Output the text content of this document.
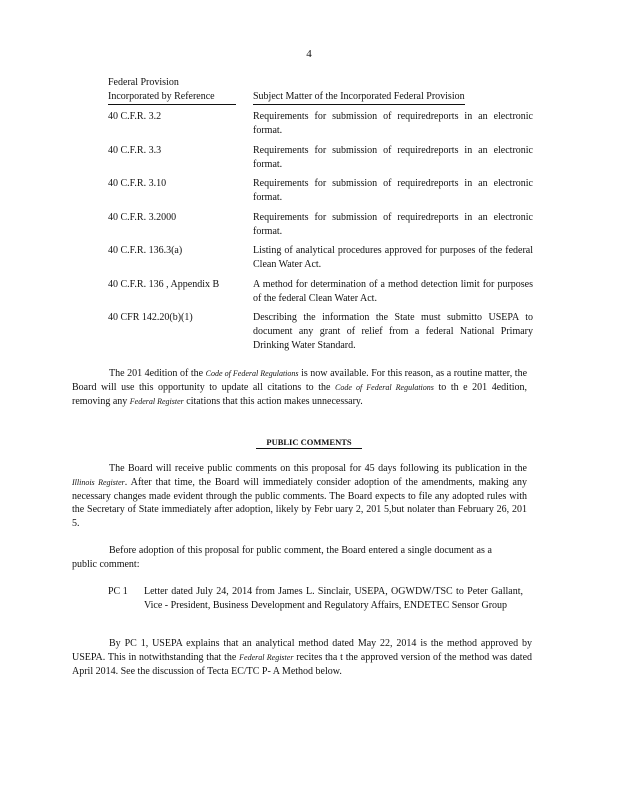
4
Federal Provision
Incorporated by Reference	Subject Matter of the Incorporated Federal Provision
40 C.F.R. 3.2	Requirements for submission of requiredreports in an electronic format.
40 C.F.R. 3.3	Requirements for submission of requiredreports in an electronic format.
40 C.F.R. 3.10	Requirements for submission of requiredreports in an electronic format.
40 C.F.R. 3.2000	Requirements for submission of requiredreports in an electronic format.
40 C.F.R. 136.3(a)	Listing of analytical procedures approved for purposes of the federal Clean Water Act.
40 C.F.R. 136 , Appendix B	A method for determination of a method detection limit for purposes of the federal Clean Water Act.
40 CFR 142.20(b)(1)	Describing the information the State must submitto USEPA to document any grant of relief from a federal National Primary Drinking Water Standard.

The 201 4edition of the Code of Federal Regulations is now available. For this reason, as a routine matter, the Board will use this opportunity to update all citations to the Code of Federal Regulations to th e 201 4edition, removing any Federal Register citations that this action makes unnecessary.

PUBLIC COMMENTS

The Board will receive public comments on this proposal for 45 days following its publication in the Illinois Register. After that time, the Board will immediately consider adoption of the amendments, making any necessary changes made evident through the public comments. The Board expects to file any adopted rules with the Secretary of State immediately after adoption, likely by Febr uary 2, 201 5,but nolater than February 26, 201 5.

Before adoption of this proposal for public comment, the Board entered a single document as a public comment:

PC 1	Letter dated July 24, 2014 from James L. Sinclair, USEPA, OGWDW/TSC to Peter Gallant, Vice - President, Business Development and Regulatory Affairs, ENDETEC Sensor Group

By PC 1, USEPA explains that an analytical method dated May 22, 2014 is the method approved by USEPA. This in notwithstanding that the Federal Register recites tha t the approved version of the method was dated April 2014. See the discussion of Tecta EC/TC P- A Method below.
